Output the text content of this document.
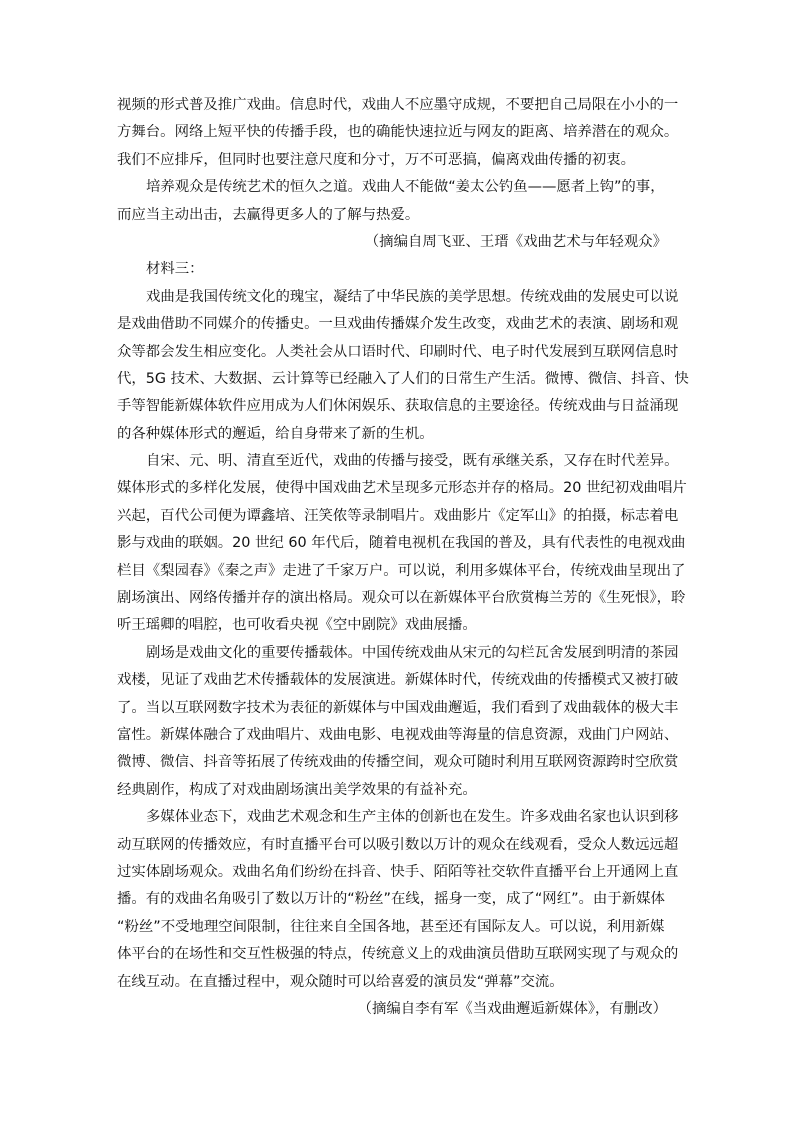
视频的形式普及推广戏曲。信息时代，戏曲人不应墨守成规，不要把自己局限在小小的一
方舞台。网络上短平快的传播手段，也的确能快速拉近与网友的距离、培养潜在的观众。
我们不应排斥，但同时也要注意尺度和分寸，万不可恶搞，偏离戏曲传播的初衷。
培养观众是传统艺术的恒久之道。戏曲人不能做“姜太公钓鱼——愿者上钩”的事，
而应当主动出击，去赢得更多人的了解与热爱。
（摘编自周飞亚、王瑨《戏曲艺术与年轻观众》
材料三：
戏曲是我国传统文化的瑰宝，凝结了中华民族的美学思想。传统戏曲的发展史可以说
是戏曲借助不同媒介的传播史。一旦戏曲传播媒介发生改变，戏曲艺术的表演、剧场和观
众等都会发生相应变化。人类社会从口语时代、印刷时代、电子时代发展到互联网信息时
代，5G 技术、大数据、云计算等已经融入了人们的日常生产生活。微博、微信、抖音、快
手等智能新媒体软件应用成为人们休闲娱乐、获取信息的主要途径。传统戏曲与日益涌现
的各种媒体形式的邂逅，给自身带来了新的生机。
自宋、元、明、清直至近代，戏曲的传播与接受，既有承继关系，又存在时代差异。
媒体形式的多样化发展，使得中国戏曲艺术呈现多元形态并存的格局。20 世纪初戏曲唱片
兴起，百代公司便为谭鑫培、汪笑侬等录制唱片。戏曲影片《定军山》的拍摄，标志着电
影与戏曲的联姻。20 世纪 60 年代后，随着电视机在我国的普及，具有代表性的电视戏曲
栏目《梨园春》《秦之声》走进了千家万户。可以说，利用多媒体平台，传统戏曲呈现出了
剧场演出、网络传播并存的演出格局。观众可以在新媒体平台欣赏梅兰芳的《生死恨》，聆
听王瑶卿的唱腔，也可收看央视《空中剧院》戏曲展播。
剧场是戏曲文化的重要传播载体。中国传统戏曲从宋元的勾栏瓦舍发展到明清的茶园
戏楼，见证了戏曲艺术传播载体的发展演进。新媒体时代，传统戏曲的传播模式又被打破
了。当以互联网数字技术为表征的新媒体与中国戏曲邂逅，我们看到了戏曲载体的极大丰
富性。新媒体融合了戏曲唱片、戏曲电影、电视戏曲等海量的信息资源，戏曲门户网站、
微博、微信、抖音等拓展了传统戏曲的传播空间，观众可随时利用互联网资源跨时空欣赏
经典剧作，构成了对戏曲剧场演出美学效果的有益补充。
多媒体业态下，戏曲艺术观念和生产主体的创新也在发生。许多戏曲名家也认识到移
动互联网的传播效应，有时直播平台可以吸引数以万计的观众在线观看，受众人数远远超
过实体剧场观众。戏曲名角们纷纷在抖音、快手、陌陌等社交软件直播平台上开通网上直
播。有的戏曲名角吸引了数以万计的“粉丝”在线，摇身一变，成了“网红”。由于新媒体
“粉丝”不受地理空间限制，往往来自全国各地，甚至还有国际友人。可以说，利用新媒
体平台的在场性和交互性极强的特点，传统意义上的戏曲演员借助互联网实现了与观众的
在线互动。在直播过程中，观众随时可以给喜爱的演员发“弹幕”交流。
（摘编自李有军《当戏曲邂逅新媒体》，有删改）
